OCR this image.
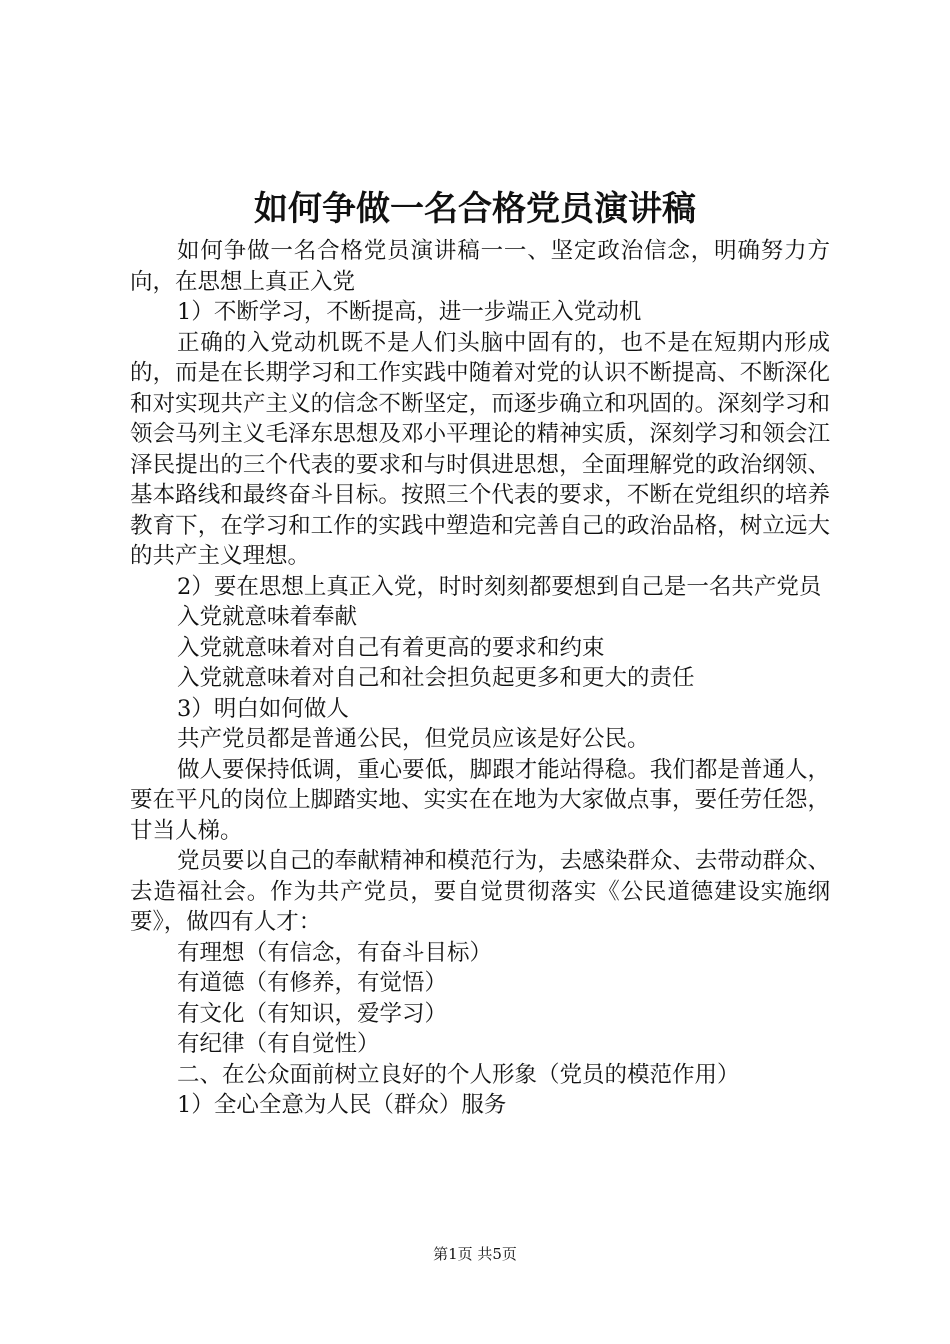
如何争做一名合格党员演讲稿

如何争做一名合格党员演讲稿一一、坚定政治信念，明确努力方向，在思想上真正入党

1）不断学习，不断提高，进一步端正入党动机

正确的入党动机既不是人们头脑中固有的，也不是在短期内形成的，而是在长期学习和工作实践中随着对党的认识不断提高、不断深化和对实现共产主义的信念不断坚定，而逐步确立和巩固的。深刻学习和领会马列主义毛泽东思想及邓小平理论的精神实质，深刻学习和领会江泽民提出的三个代表的要求和与时俱进思想，全面理解党的政治纲领、基本路线和最终奋斗目标。按照三个代表的要求，不断在党组织的培养教育下，在学习和工作的实践中塑造和完善自己的政治品格，树立远大的共产主义理想。

2）要在思想上真正入党，时时刻刻都要想到自己是一名共产党员

入党就意味着奉献

入党就意味着对自己有着更高的要求和约束

入党就意味着对自己和社会担负起更多和更大的责任

3）明白如何做人

共产党员都是普通公民，但党员应该是好公民。

做人要保持低调，重心要低，脚跟才能站得稳。我们都是普通人，要在平凡的岗位上脚踏实地、实实在在地为大家做点事，要任劳任怨，甘当人梯。

党员要以自己的奉献精神和模范行为，去感染群众、去带动群众、去造福社会。作为共产党员，要自觉贯彻落实《公民道德建设实施纲要》，做四有人才：

有理想（有信念，有奋斗目标）

有道德（有修养，有觉悟）

有文化（有知识，爱学习）

有纪律（有自觉性）

二、在公众面前树立良好的个人形象（党员的模范作用）

1）全心全意为人民（群众）服务

第1页 共5页
